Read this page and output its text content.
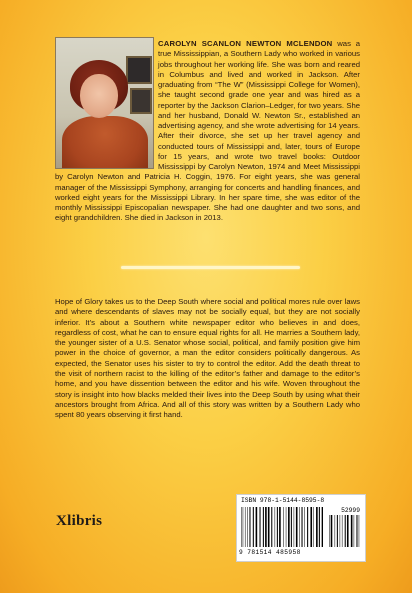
CAROLYN SCANLON NEWTON MCLENDON was a true Mississippian, a Southern Lady who worked in various jobs throughout her working life. She was born and reared in Columbus and lived and worked in Jackson. After graduating from “The W” (Mississippi College for Women), she taught second grade one year and was hired as a reporter by the Jackson Clarion–Ledger, for two years. She and her husband, Donald W. Newton Sr., established an advertising agency, and she wrote advertising for 14 years. After their divorce, she set up her travel agency and conducted tours of Mississippi and, later, tours of Europe for 15 years, and wrote two travel books: Outdoor Mississippi by Carolyn Newton, 1974 and Meet Mississippi by Carolyn Newton and Patricia H. Coggin, 1976. For eight years, she was general manager of the Mississippi Symphony, arranging for concerts and handling finances, and worked eight years for the Mississippi Library. In her spare time, she was editor of the monthly Mississippi Episcopalian newspaper. She had one daughter and two sons, and eight grandchildren. She died in Jackson in 2013.
Hope of Glory takes us to the Deep South where social and political mores rule over laws and where descendants of slaves may not be socially equal, but they are not socially inferior. It’s about a Southern white newspaper editor who believes in and does, regardless of cost, what he can to ensure equal rights for all. He marries a Southern lady, the younger sister of a U.S. Senator whose social, political, and family position give him power in the choice of governor, a man the editor considers politically dangerous. As expected, the Senator uses his sister to try to control the editor. Add the death threat to the visit of northern racist to the killing of the editor’s father and damage to the editor’s home, and you have dissention between the editor and his wife. Woven throughout the story is insight into how blacks melded their lives into the Deep South by using what their ancestors brought from Africa. And all of this story was written by a Southern Lady who spent 80 years observing it first hand.
Xlibris
ISBN 978-1-5144-8595-8
52999
9 781514 485958
